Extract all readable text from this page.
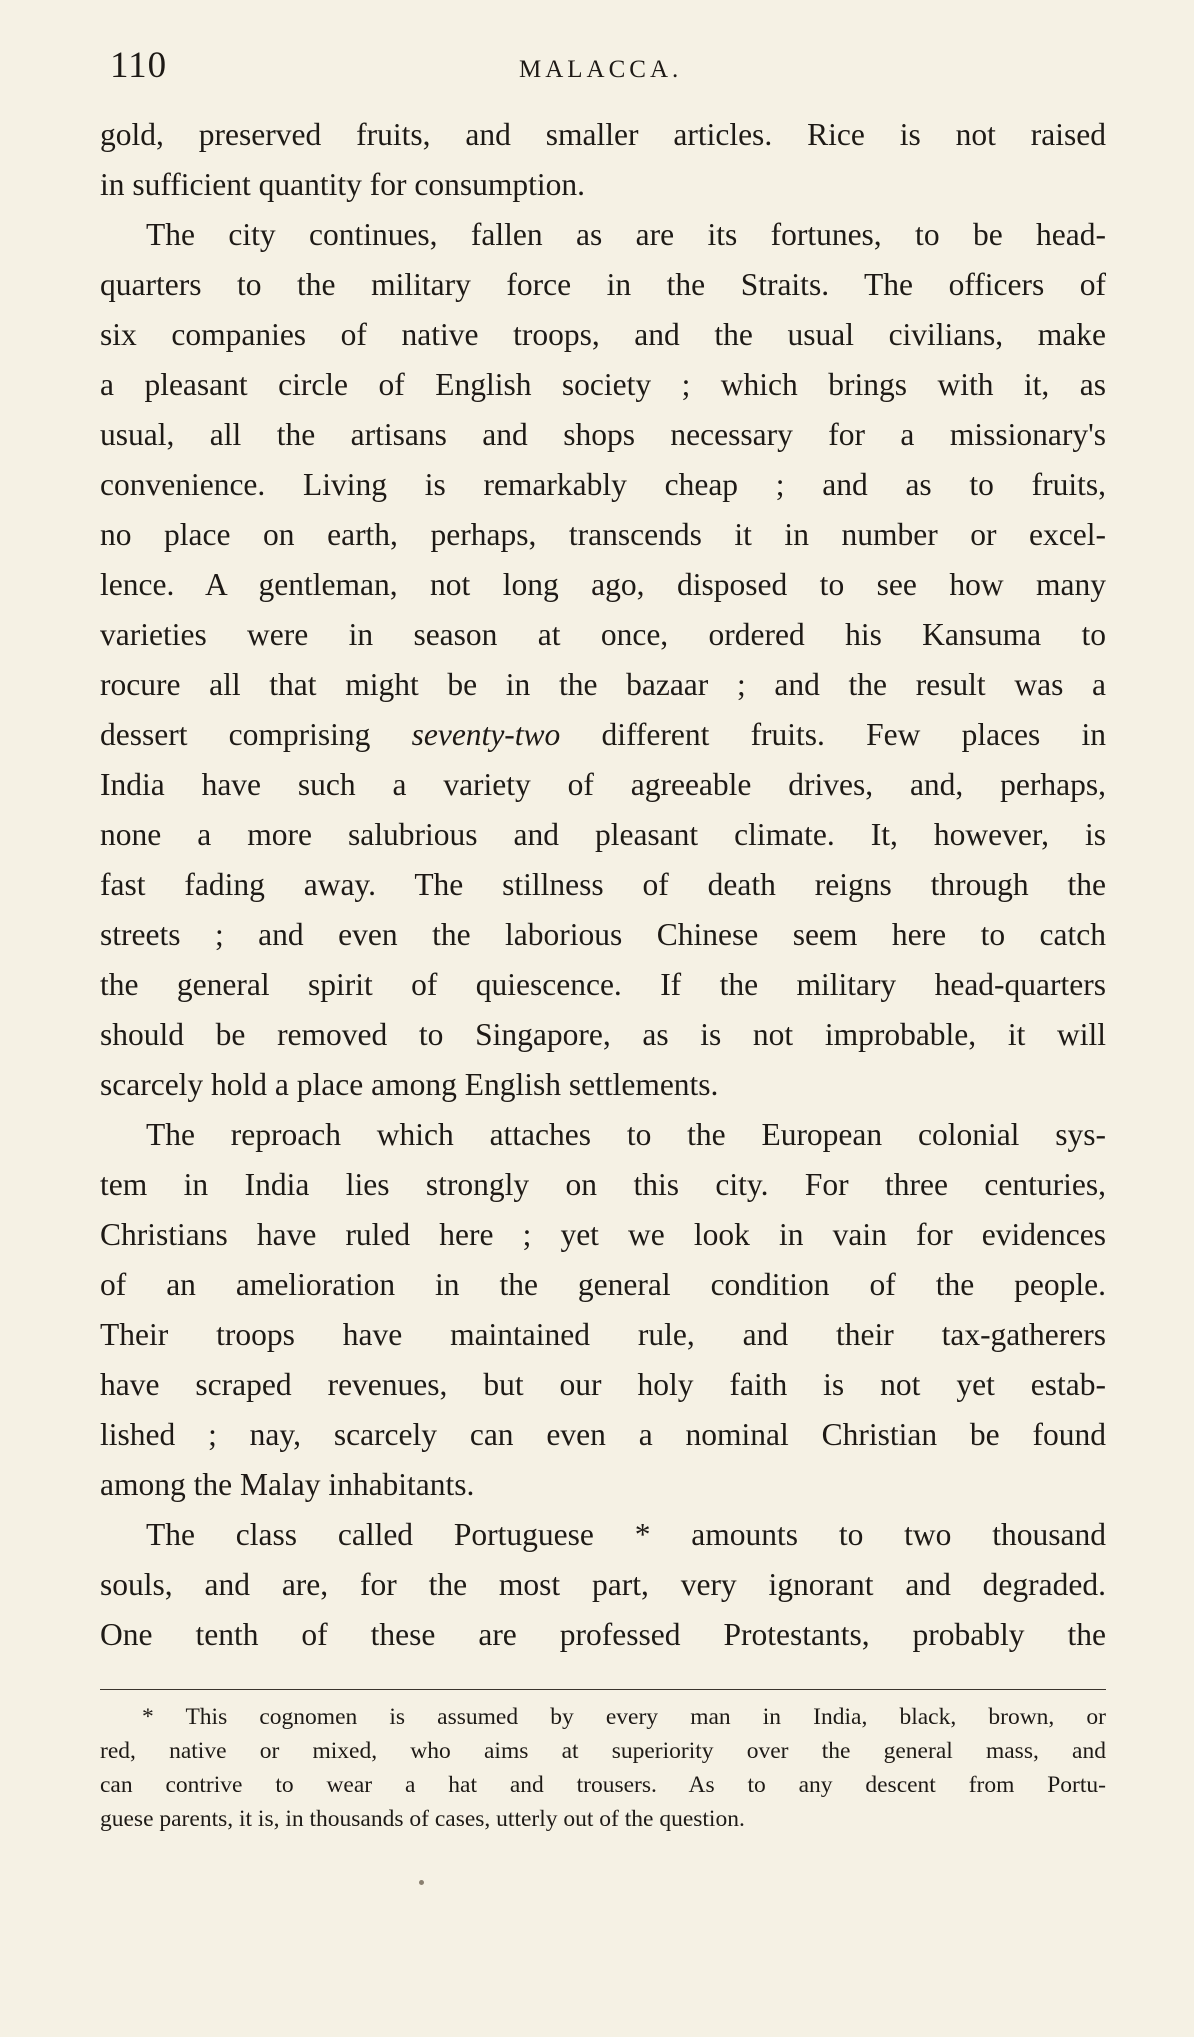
110	MALACCA.
gold, preserved fruits, and smaller articles. Rice is not raised
in sufficient quantity for consumption.
The city continues, fallen as are its fortunes, to be head-
quarters to the military force in the Straits. The officers of
six companies of native troops, and the usual civilians, make
a pleasant circle of English society ; which brings with it, as
usual, all the artisans and shops necessary for a missionary's
convenience. Living is remarkably cheap ; and as to fruits,
no place on earth, perhaps, transcends it in number or excel-
lence. A gentleman, not long ago, disposed to see how many
varieties were in season at once, ordered his Kansuma to
rocure all that might be in the bazaar ; and the result was a
dessert comprising seventy-two different fruits. Few places in
India have such a variety of agreeable drives, and, perhaps,
none a more salubrious and pleasant climate. It, however, is
fast fading away. The stillness of death reigns through the
streets ; and even the laborious Chinese seem here to catch
the general spirit of quiescence. If the military head-quarters
should be removed to Singapore, as is not improbable, it will
scarcely hold a place among English settlements.
The reproach which attaches to the European colonial sys-
tem in India lies strongly on this city. For three centuries,
Christians have ruled here ; yet we look in vain for evidences
of an amelioration in the general condition of the people.
Their troops have maintained rule, and their tax-gatherers
have scraped revenues, but our holy faith is not yet estab-
lished ; nay, scarcely can even a nominal Christian be found
among the Malay inhabitants.
The class called Portuguese * amounts to two thousand
souls, and are, for the most part, very ignorant and degraded.
One tenth of these are professed Protestants, probably the
* This cognomen is assumed by every man in India, black, brown, or
red, native or mixed, who aims at superiority over the general mass, and
can contrive to wear a hat and trousers. As to any descent from Portu-
guese parents, it is, in thousands of cases, utterly out of the question.
